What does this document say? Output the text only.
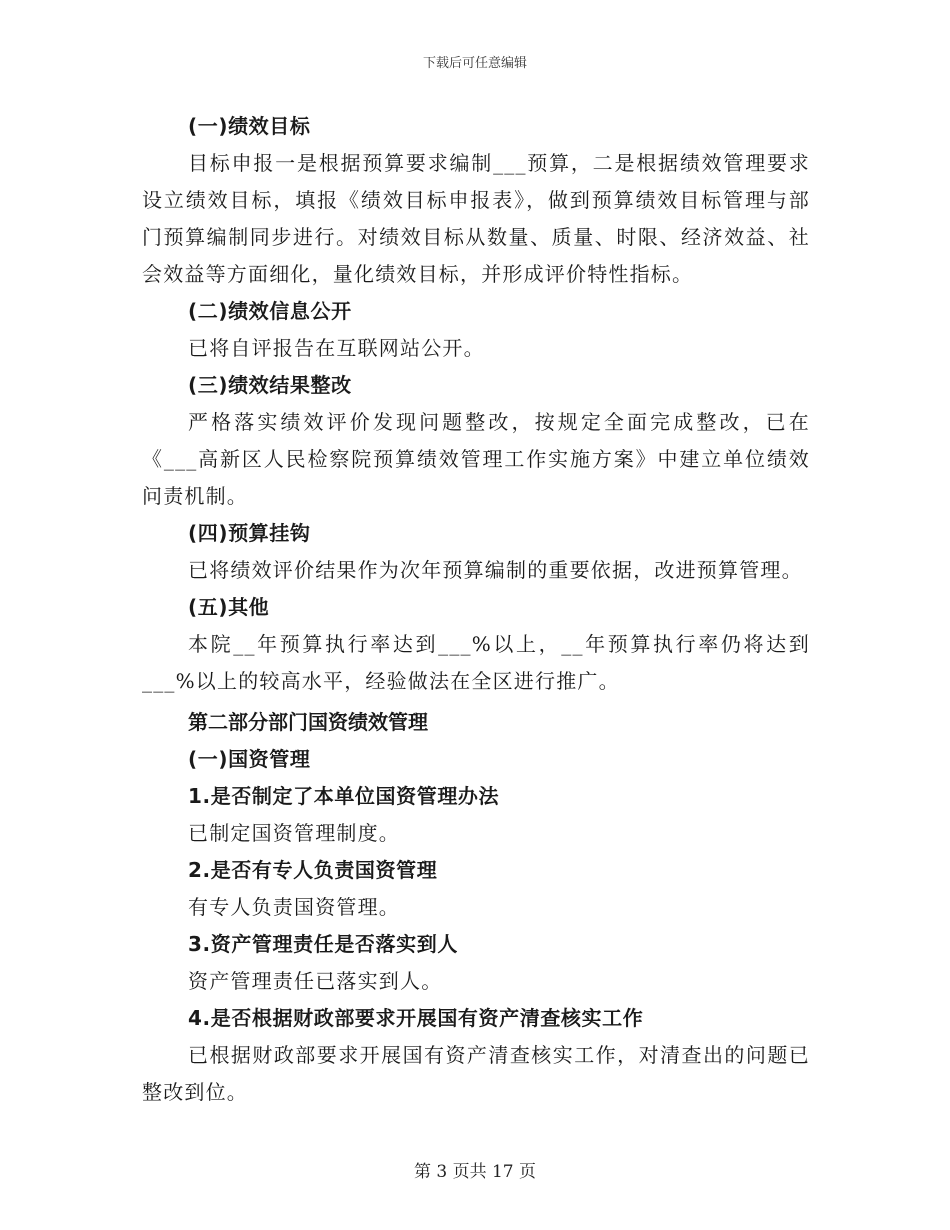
下载后可任意编辑

(一)绩效目标

目标申报一是根据预算要求编制___预算，二是根据绩效管理要求设立绩效目标，填报《绩效目标申报表》，做到预算绩效目标管理与部门预算编制同步进行。对绩效目标从数量、质量、时限、经济效益、社会效益等方面细化，量化绩效目标，并形成评价特性指标。

(二)绩效信息公开

已将自评报告在互联网站公开。

(三)绩效结果整改

严格落实绩效评价发现问题整改，按规定全面完成整改，已在《___高新区人民检察院预算绩效管理工作实施方案》中建立单位绩效问责机制。

(四)预算挂钩

已将绩效评价结果作为次年预算编制的重要依据，改进预算管理。

(五)其他

本院__年预算执行率达到___%以上，__年预算执行率仍将达到___%以上的较高水平，经验做法在全区进行推广。

第二部分部门国资绩效管理

(一)国资管理

1.是否制定了本单位国资管理办法

已制定国资管理制度。

2.是否有专人负责国资管理

有专人负责国资管理。

3.资产管理责任是否落实到人

资产管理责任已落实到人。

4.是否根据财政部要求开展国有资产清查核实工作

已根据财政部要求开展国有资产清查核实工作，对清查出的问题已整改到位。

第 3 页共 17 页
